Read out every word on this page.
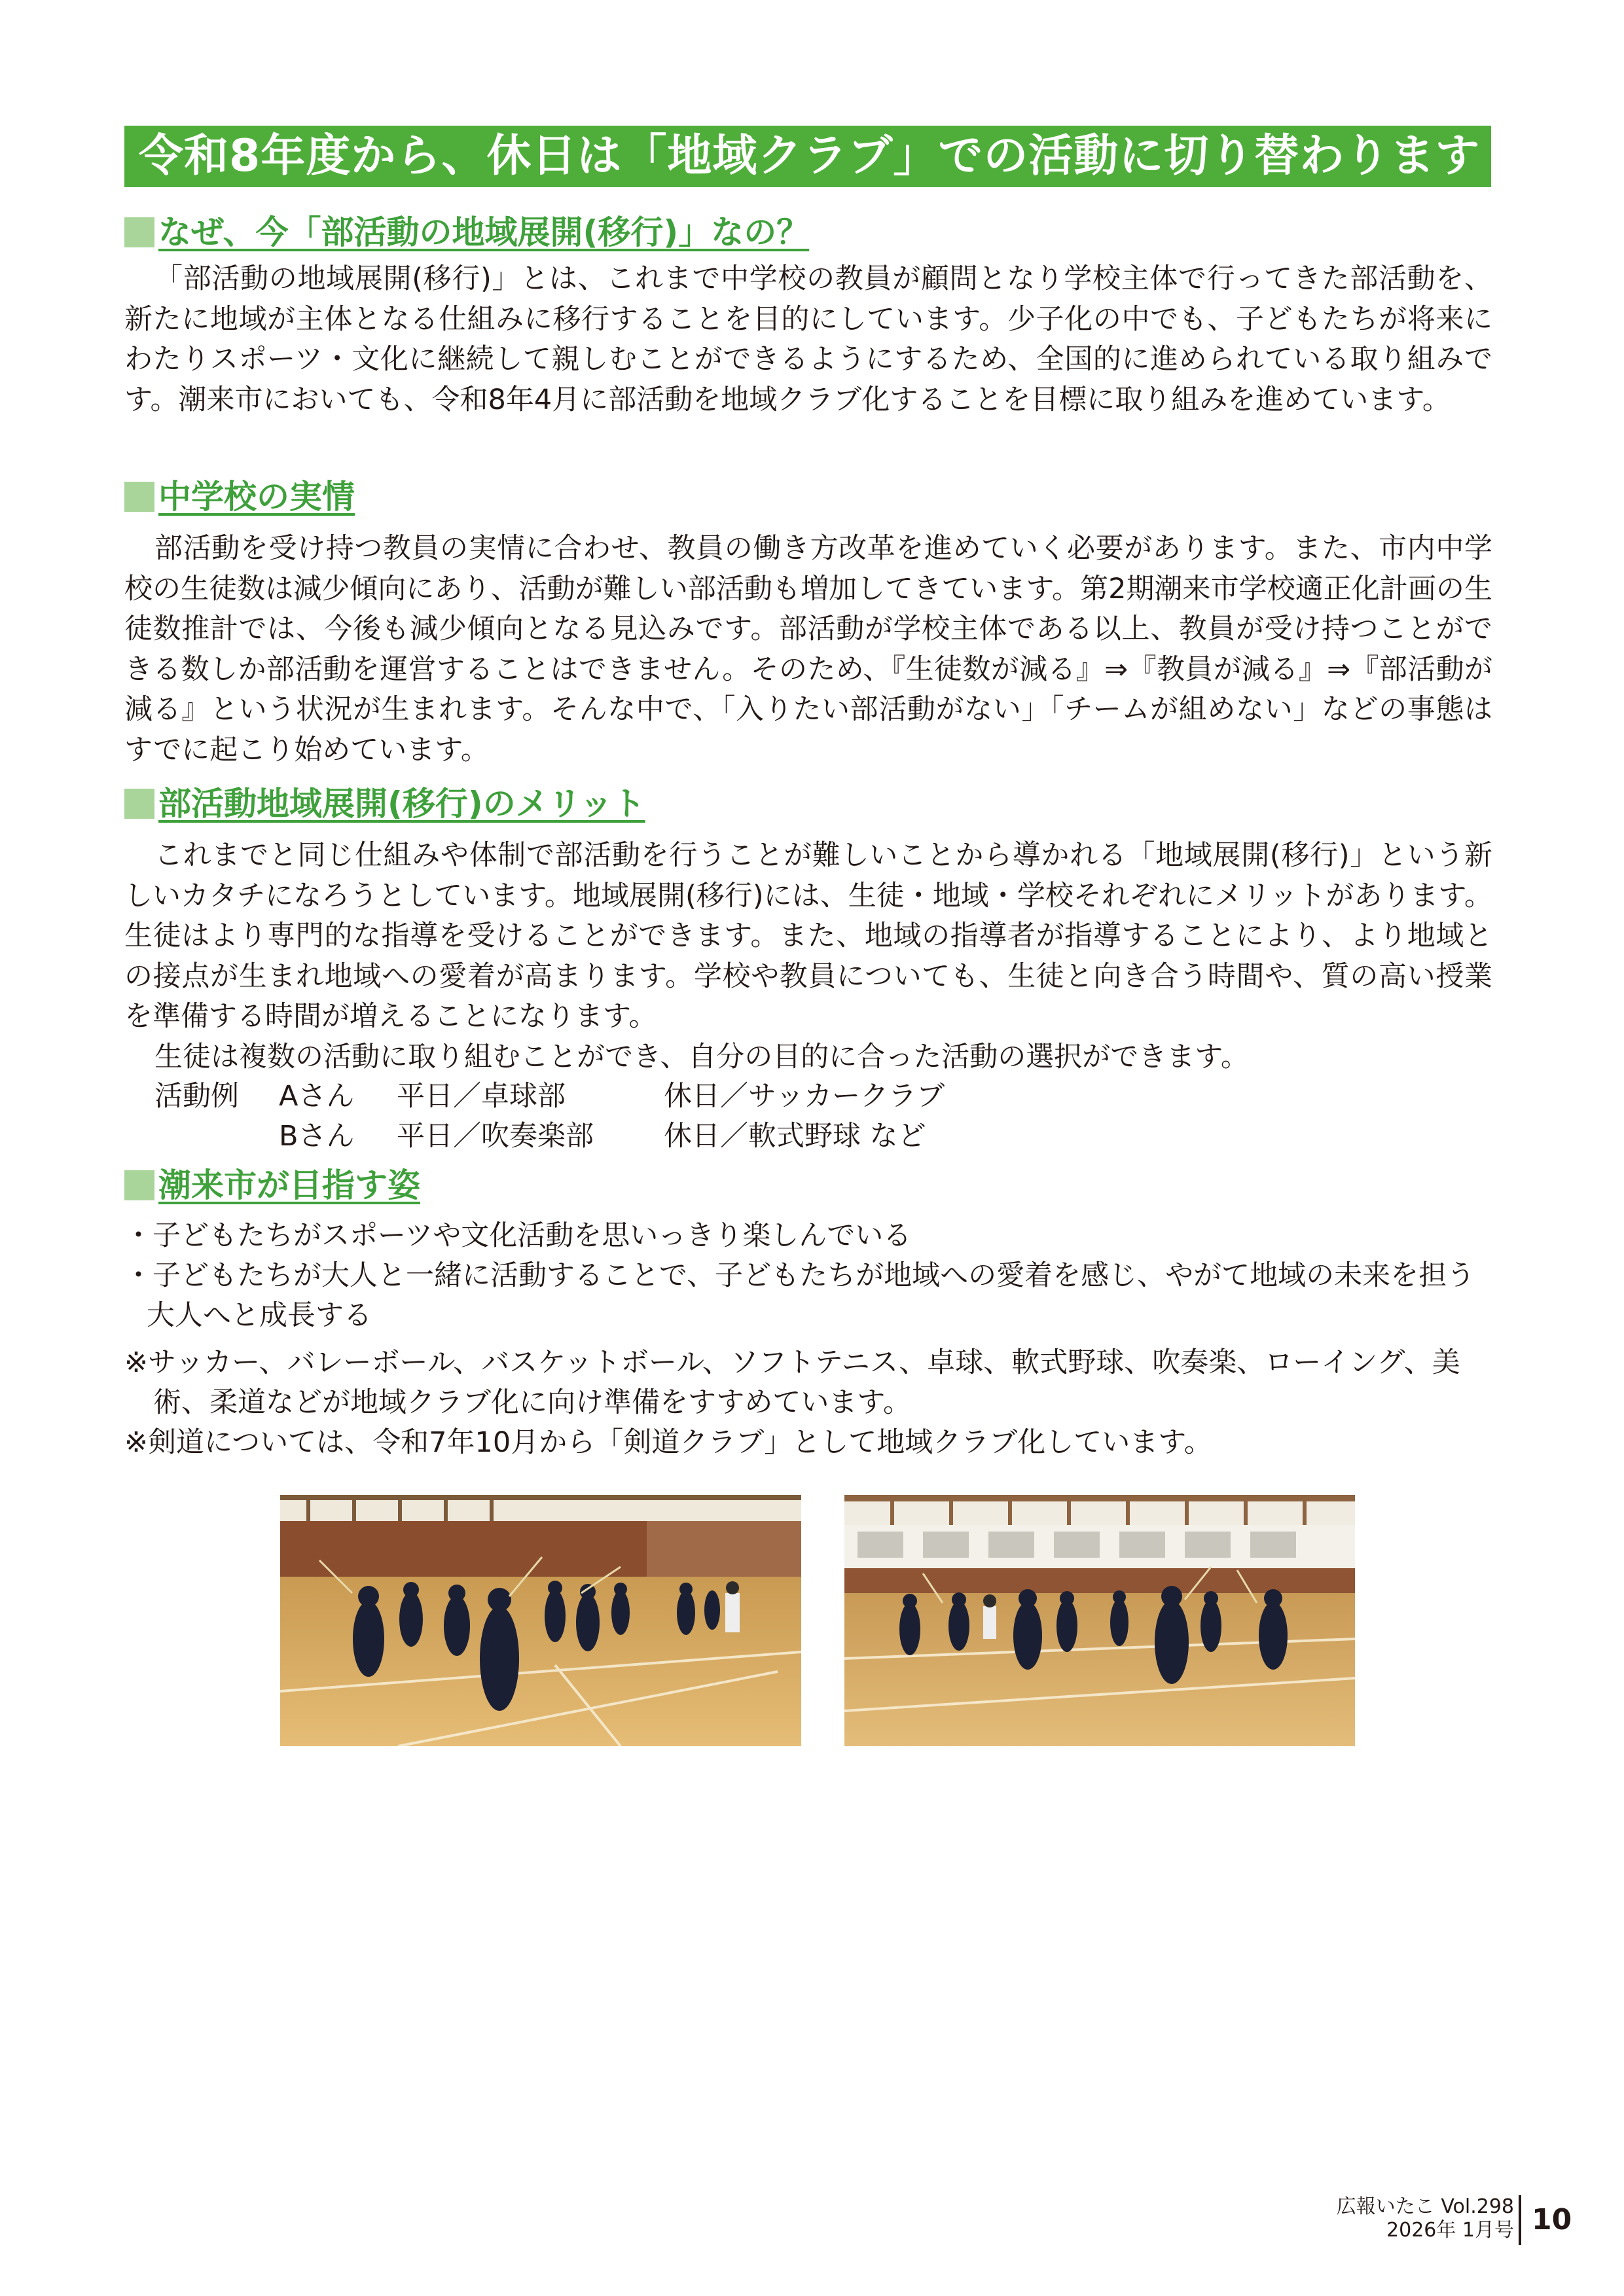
令和8年度から、休日は「地域クラブ」での活動に切り替わります
なぜ、今「部活動の地域展開(移行)」なの？

「部活動の地域展開(移行)」とは、これまで中学校の教員が顧問となり学校主体で行ってきた部活動を、新たに地域が主体となる仕組みに移行することを目的にしています。少子化の中でも、子どもたちが将来にわたりスポーツ・文化に継続して親しむことができるようにするため、全国的に進められている取り組みです。潮来市においても、令和8年4月に部活動を地域クラブ化することを目標に取り組みを進めています。

中学校の実情

部活動を受け持つ教員の実情に合わせ、教員の働き方改革を進めていく必要があります。また、市内中学校の生徒数は減少傾向にあり、活動が難しい部活動も増加してきています。第2期潮来市学校適正化計画の生徒数推計では、今後も減少傾向となる見込みです。部活動が学校主体である以上、教員が受け持つことができる数しか部活動を運営することはできません。そのため、『生徒数が減る』⇒『教員が減る』⇒『部活動が減る』という状況が生まれます。そんな中で、「入りたい部活動がない」「チームが組めない」などの事態はすでに起こり始めています。

部活動地域展開(移行)のメリット

これまでと同じ仕組みや体制で部活動を行うことが難しいことから導かれる「地域展開(移行)」という新しいカタチになろうとしています。地域展開(移行)には、生徒・地域・学校それぞれにメリットがあります。生徒はより専門的な指導を受けることができます。また、地域の指導者が指導することにより、より地域との接点が生まれ地域への愛着が高まります。学校や教員についても、生徒と向き合う時間や、質の高い授業を準備する時間が増えることになります。

生徒は複数の活動に取り組むことができ、自分の目的に合った活動の選択ができます。

活動例 Aさん 平日／卓球部	休日／サッカークラブ
Bさん 平日／吹奏楽部 休日／軟式野球 など
潮来市が目指す姿

・子どもたちがスポーツや文化活動を思いっきり楽しんでいる

・子どもたちが大人と一緒に活動することで、子どもたちが地域への愛着を感じ、やがて地域の未来を担う大人へと成長する

※サッカー、バレーボール、バスケットボール、ソフトテニス、卓球、軟式野球、吹奏楽、ローイング、美術、柔道などが地域クラブ化に向け準備をすすめています。

※剣道については、令和7年10月から「剣道クラブ」として地域クラブ化しています。

広報いたこ Vol.298
2026年 1月号 10
